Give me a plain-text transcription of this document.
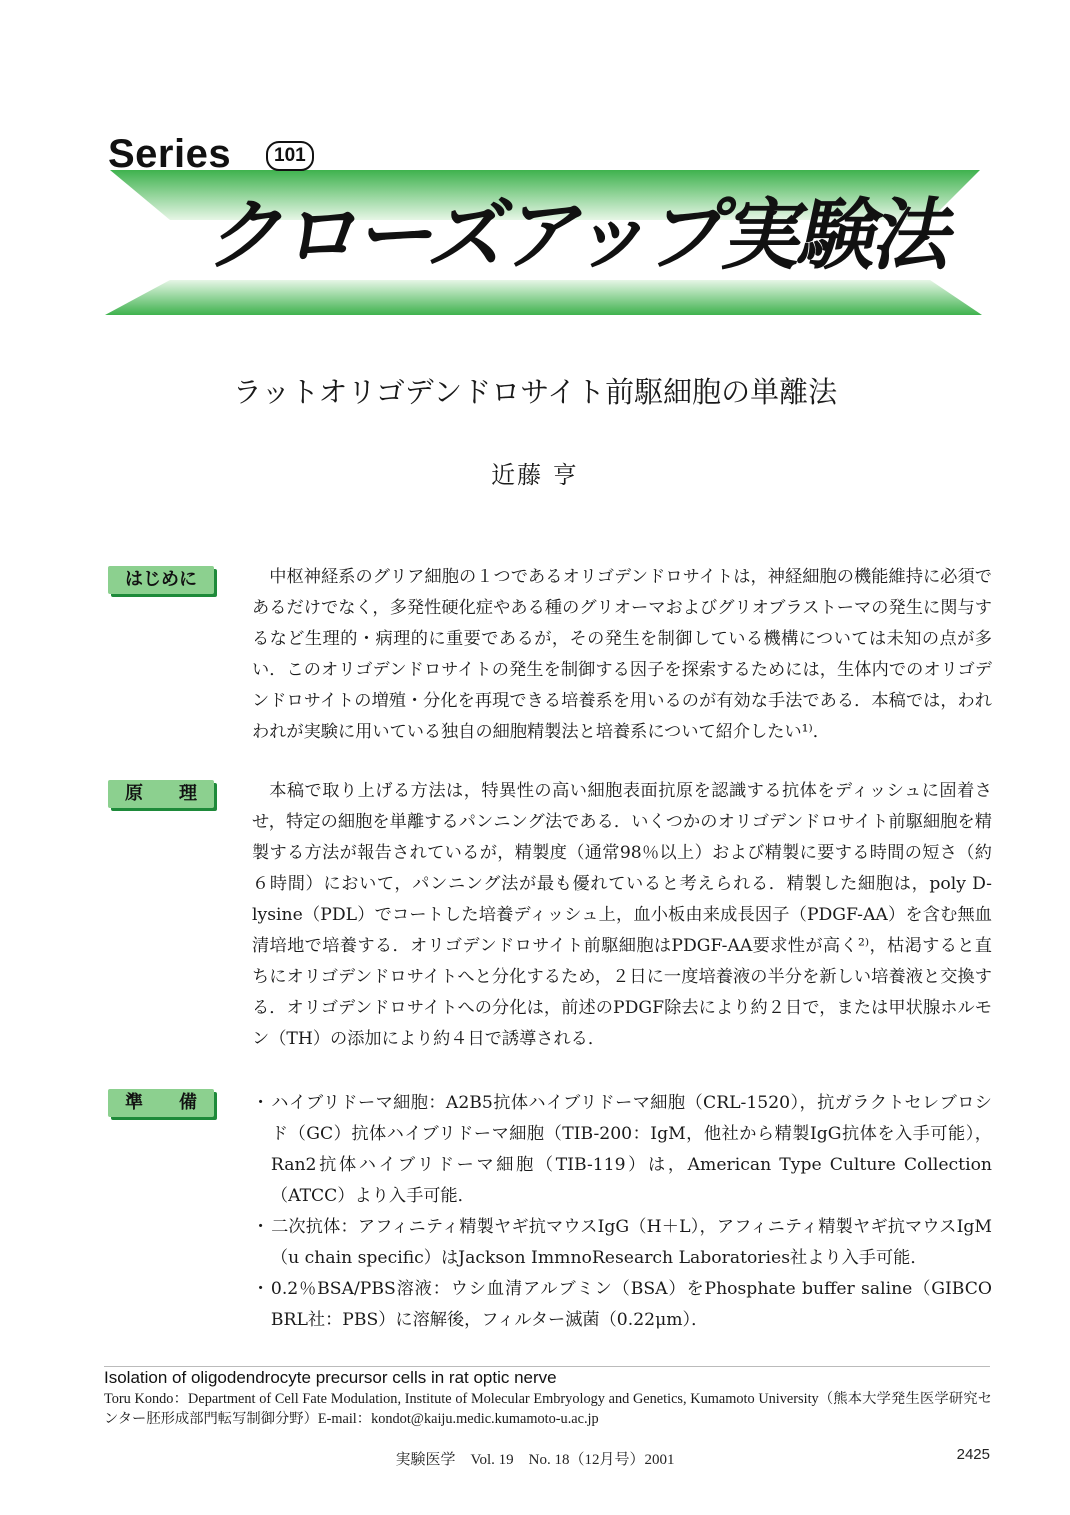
Series	101
クローズアップ実験法
ラットオリゴデンドロサイト前駆細胞の単離法
近藤 亨
はじめに	中枢神経系のグリア細胞の１つであるオリゴデンドロサイトは，神経細胞の機能維持に必須であるだけでなく，多発性硬化症やある種のグリオーマおよびグリオブラストーマの発生に関与するなど生理的・病理的に重要であるが，その発生を制御している機構については未知の点が多い．このオリゴデンドロサイトの発生を制御する因子を探索するためには，生体内でのオリゴデンドロサイトの増殖・分化を再現できる培養系を用いるのが有効な手法である．本稿では，われわれが実験に用いている独自の細胞精製法と培養系について紹介したい¹⁾．
原　　理	本稿で取り上げる方法は，特異性の高い細胞表面抗原を認識する抗体をディッシュに固着させ，特定の細胞を単離するパンニング法である．いくつかのオリゴデンドロサイト前駆細胞を精製する方法が報告されているが，精製度（通常98％以上）および精製に要する時間の短さ（約６時間）において，パンニング法が最も優れていると考えられる．精製した細胞は，poly D-lysine（PDL）でコートした培養ディッシュ上，血小板由来成長因子（PDGF-AA）を含む無血清培地で培養する．オリゴデンドロサイト前駆細胞はPDGF-AA要求性が高く²⁾，枯渇すると直ちにオリゴデンドロサイトへと分化するため，２日に一度培養液の半分を新しい培養液と交換する．オリゴデンドロサイトへの分化は，前述のPDGF除去により約２日で，または甲状腺ホルモン（TH）の添加により約４日で誘導される．
準　　備	・ハイブリドーマ細胞：A2B5抗体ハイブリドーマ細胞（CRL-1520），抗ガラクトセレブロシド（GC）抗体ハイブリドーマ細胞（TIB-200：IgM，他社から精製IgG抗体を入手可能），Ran2抗体ハイブリドーマ細胞（TIB-119）は，American Type Culture Collection（ATCC）より入手可能．
・二次抗体：アフィニティ精製ヤギ抗マウスIgG（H＋L），アフィニティ精製ヤギ抗マウスIgM（u chain specific）はJackson ImmnoResearch Laboratories社より入手可能．
・0.2％BSA/PBS溶液：ウシ血清アルブミン（BSA）をPhosphate buffer saline（GIBCO BRL社：PBS）に溶解後，フィルター滅菌（0.22μm）．
Isolation of oligodendrocyte precursor cells in rat optic nerve
Toru Kondo：Department of Cell Fate Modulation, Institute of Molecular Embryology and Genetics, Kumamoto University（熊本大学発生医学研究センター胚形成部門転写制御分野）E-mail：kondot@kaiju.medic.kumamoto-u.ac.jp
実験医学　Vol. 19　No. 18（12月号）2001	2425
